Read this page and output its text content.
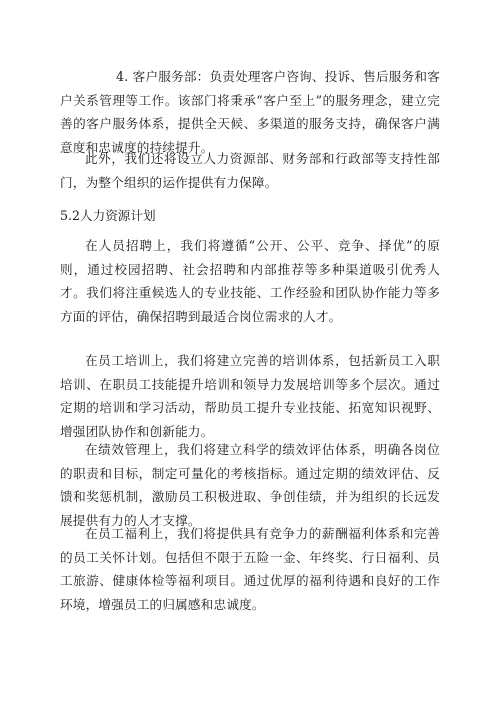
4. 客户服务部：负责处理客户咨询、投诉、售后服务和客户关系管理等工作。该部门将秉承“客户至上”的服务理念，建立完善的客户服务体系，提供全天候、多渠道的服务支持，确保客户满意度和忠诚度的持续提升。

此外，我们还将设立人力资源部、财务部和行政部等支持性部门，为整个组织的运作提供有力保障。

5.2人力资源计划

在人员招聘上，我们将遵循“公开、公平、竞争、择优”的原则，通过校园招聘、社会招聘和内部推荐等多种渠道吸引优秀人才。我们将注重候选人的专业技能、工作经验和团队协作能力等多方面的评估，确保招聘到最适合岗位需求的人才。

在员工培训上，我们将建立完善的培训体系，包括新员工入职培训、在职员工技能提升培训和领导力发展培训等多个层次。通过定期的培训和学习活动，帮助员工提升专业技能、拓宽知识视野、增强团队协作和创新能力。

在绩效管理上，我们将建立科学的绩效评估体系，明确各岗位的职责和目标，制定可量化的考核指标。通过定期的绩效评估、反馈和奖惩机制，激励员工积极进取、争创佳绩，并为组织的长远发展提供有力的人才支撑。

在员工福利上，我们将提供具有竞争力的薪酬福利体系和完善的员工关怀计划。包括但不限于五险一金、年终奖、行日福利、员工旅游、健康体检等福利项目。通过优厚的福利待遇和良好的工作环境，增强员工的归属感和忠诚度。
